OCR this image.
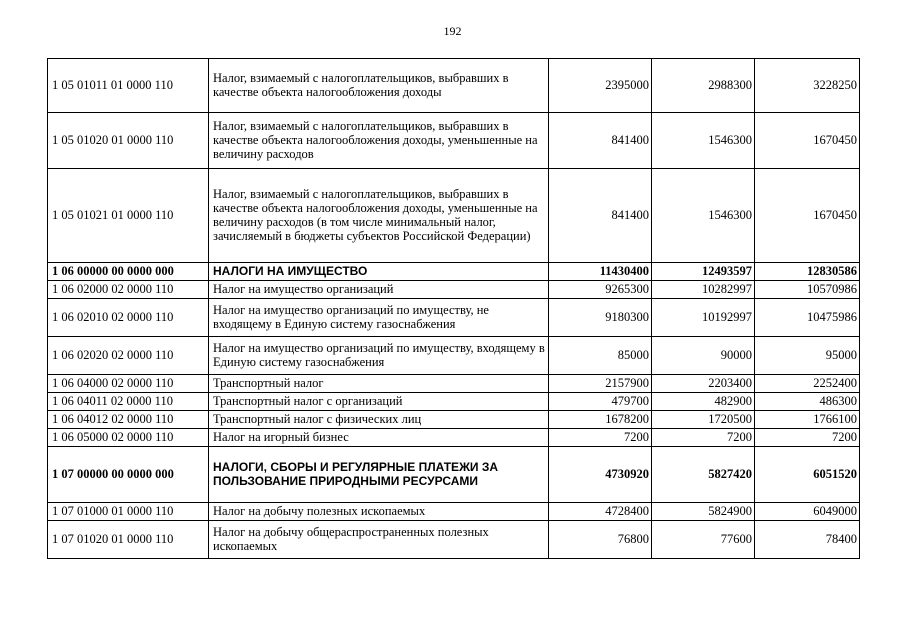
192
1 05 01011 01 0000 110	Налог, взимаемый с налогоплательщиков, выбравших в качестве объекта налогообложения доходы	2395000	2988300	3228250
1 05 01020 01 0000 110	Налог, взимаемый с налогоплательщиков, выбравших в качестве объекта налогообложения доходы, уменьшенные на величину расходов	841400	1546300	1670450
1 05 01021 01 0000 110	Налог, взимаемый с налогоплательщиков, выбравших в качестве объекта налогообложения доходы, уменьшенные на величину расходов (в том числе минимальный налог, зачисляемый в бюджеты субъектов Российской Федерации)	841400	1546300	1670450
1 06 00000 00 0000 000	НАЛОГИ НА ИМУЩЕСТВО	11430400	12493597	12830586
1 06 02000 02 0000 110	Налог на имущество организаций	9265300	10282997	10570986
1 06 02010 02 0000 110	Налог на имущество организаций по имуществу, не входящему в Единую систему газоснабжения	9180300	10192997	10475986
1 06 02020 02 0000 110	Налог на имущество организаций по имуществу, входящему в Единую систему газоснабжения	85000	90000	95000
1 06 04000 02 0000 110	Транспортный налог	2157900	2203400	2252400
1 06 04011 02 0000 110	Транспортный налог с организаций	479700	482900	486300
1 06 04012 02 0000 110	Транспортный налог с физических лиц	1678200	1720500	1766100
1 06 05000 02 0000 110	Налог на игорный бизнес	7200	7200	7200
1 07 00000 00 0000 000	НАЛОГИ, СБОРЫ И РЕГУЛЯРНЫЕ ПЛАТЕЖИ ЗА ПОЛЬЗОВАНИЕ ПРИРОДНЫМИ РЕСУРСАМИ	4730920	5827420	6051520
1 07 01000 01 0000 110	Налог на добычу полезных ископаемых	4728400	5824900	6049000
1 07 01020 01 0000 110	Налог на добычу общераспространенных полезных ископаемых	76800	77600	78400
